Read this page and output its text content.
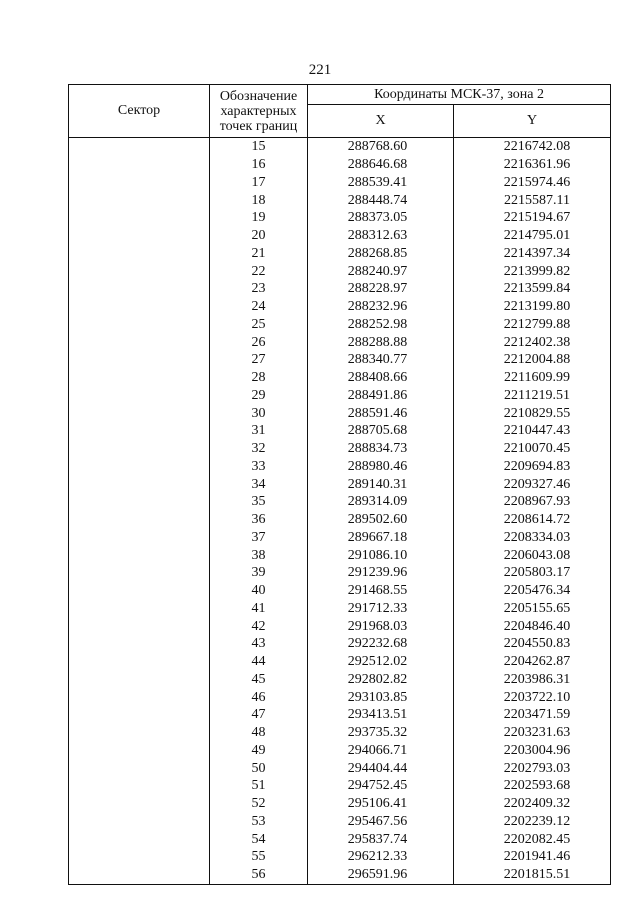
221
Сектор	Обозначение
характерных
точек границ	Координаты МСК-37, зона 2	
		X	Y
	15	288768.60	2216742.08
	16	288646.68	2216361.96
	17	288539.41	2215974.46
	18	288448.74	2215587.11
	19	288373.05	2215194.67
	20	288312.63	2214795.01
	21	288268.85	2214397.34
	22	288240.97	2213999.82
	23	288228.97	2213599.84
	24	288232.96	2213199.80
	25	288252.98	2212799.88
	26	288288.88	2212402.38
	27	288340.77	2212004.88
	28	288408.66	2211609.99
	29	288491.86	2211219.51
	30	288591.46	2210829.55
	31	288705.68	2210447.43
	32	288834.73	2210070.45
	33	288980.46	2209694.83
	34	289140.31	2209327.46
	35	289314.09	2208967.93
	36	289502.60	2208614.72
	37	289667.18	2208334.03
	38	291086.10	2206043.08
	39	291239.96	2205803.17
	40	291468.55	2205476.34
	41	291712.33	2205155.65
	42	291968.03	2204846.40
	43	292232.68	2204550.83
	44	292512.02	2204262.87
	45	292802.82	2203986.31
	46	293103.85	2203722.10
	47	293413.51	2203471.59
	48	293735.32	2203231.63
	49	294066.71	2203004.96
	50	294404.44	2202793.03
	51	294752.45	2202593.68
	52	295106.41	2202409.32
	53	295467.56	2202239.12
	54	295837.74	2202082.45
	55	296212.33	2201941.46
	56	296591.96	2201815.51
